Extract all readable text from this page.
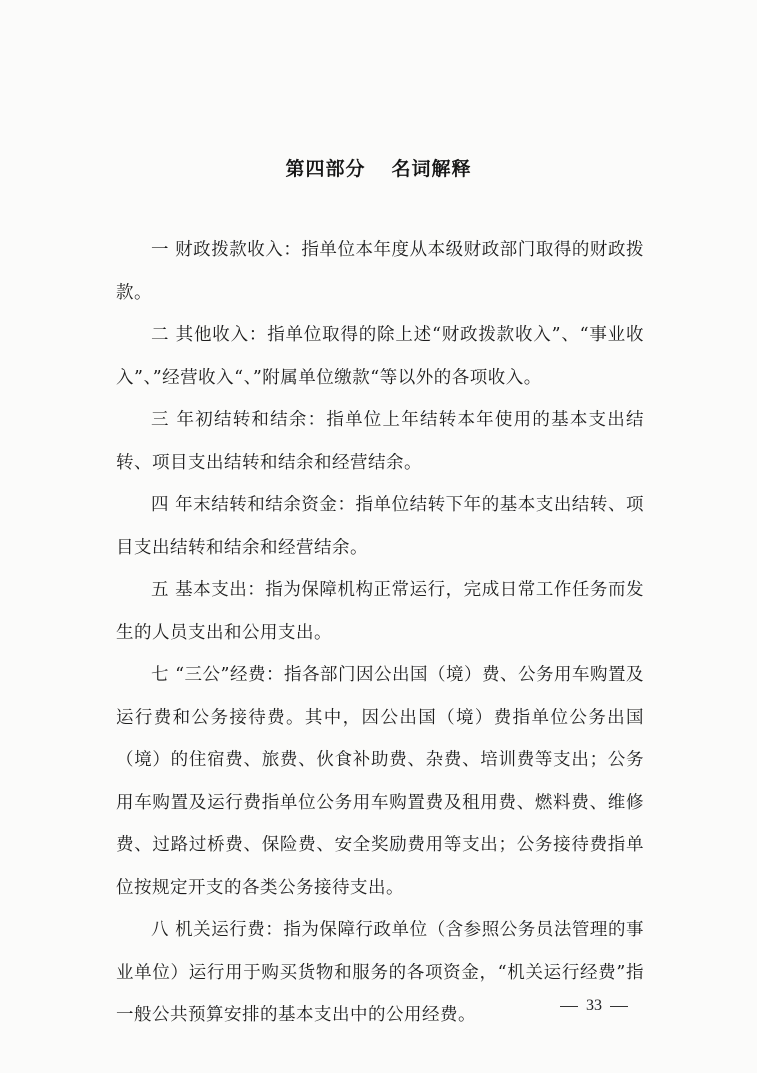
第四部分 名词解释

一 财政拨款收入：指单位本年度从本级财政部门取得的财政拨款。

二 其他收入：指单位取得的除上述“财政拨款收入”、“事业收入”、”经营收入“、”附属单位缴款“等以外的各项收入。

三 年初结转和结余：指单位上年结转本年使用的基本支出结转、项目支出结转和结余和经营结余。

四 年末结转和结余资金：指单位结转下年的基本支出结转、项目支出结转和结余和经营结余。

五 基本支出：指为保障机构正常运行，完成日常工作任务而发生的人员支出和公用支出。

七 “三公”经费：指各部门因公出国（境）费、公务用车购置及运行费和公务接待费。其中，因公出国（境）费指单位公务出国（境）的住宿费、旅费、伙食补助费、杂费、培训费等支出；公务用车购置及运行费指单位公务用车购置费及租用费、燃料费、维修费、过路过桥费、保险费、安全奖励费用等支出；公务接待费指单位按规定开支的各类公务接待支出。

八 机关运行费：指为保障行政单位（含参照公务员法管理的事业单位）运行用于购买货物和服务的各项资金，“机关运行经费”指一般公共预算安排的基本支出中的公用经费。	33
